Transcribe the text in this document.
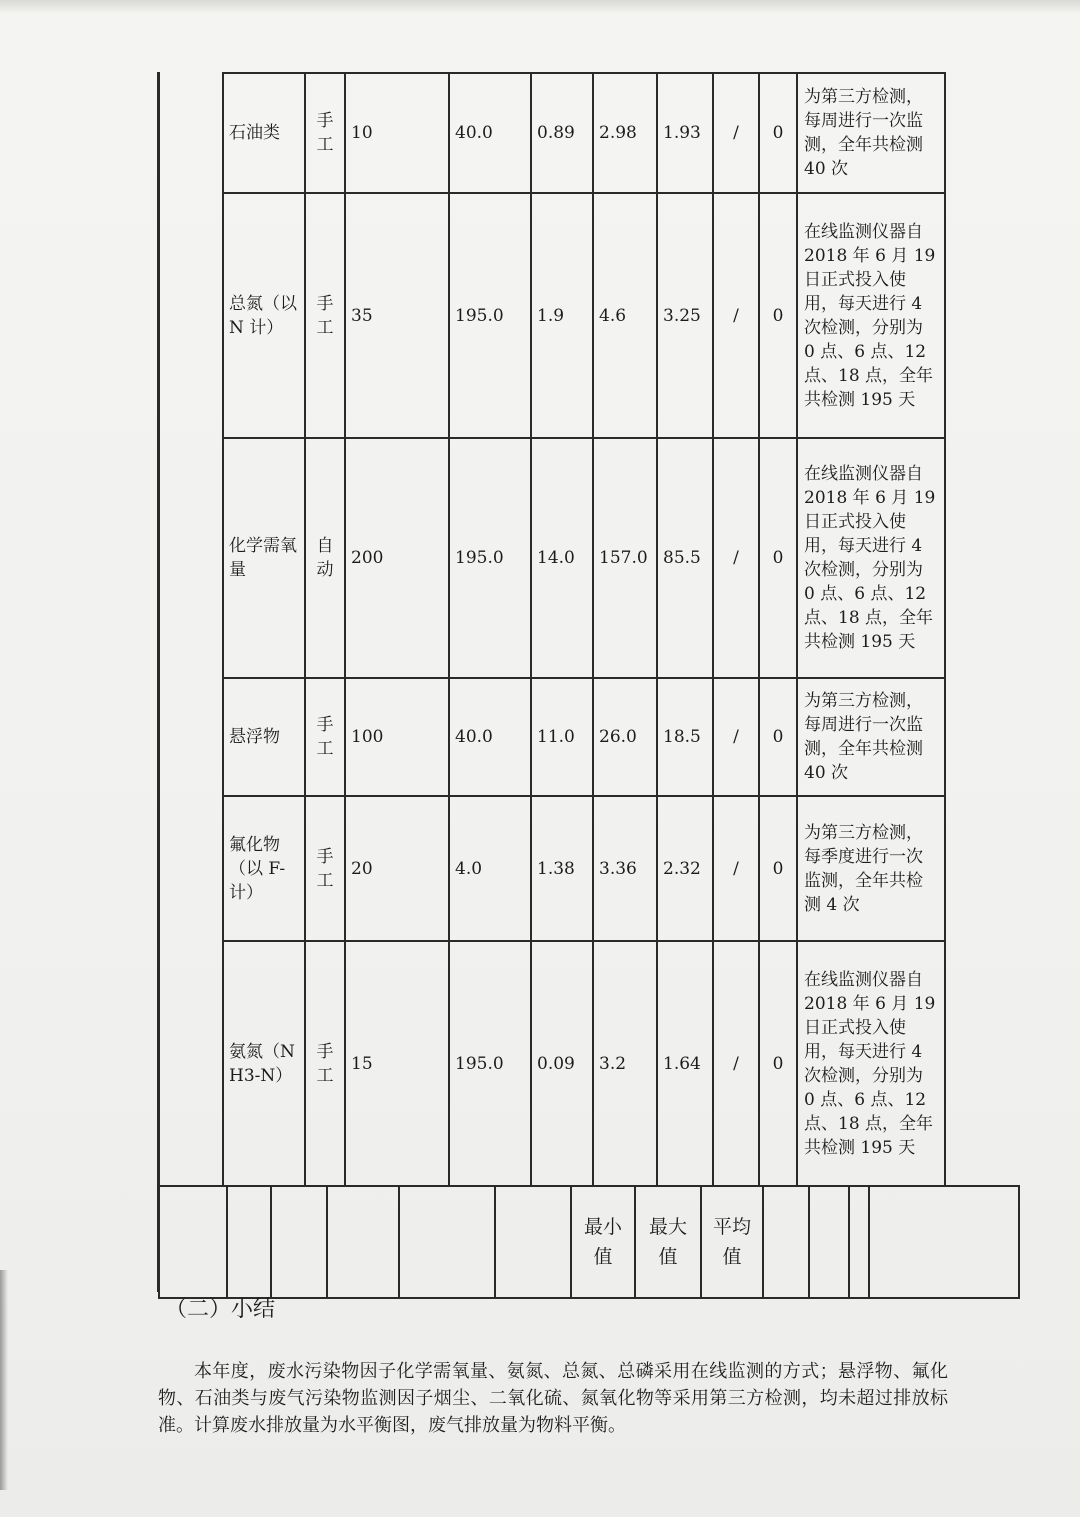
石油类	手工	10	40.0	0.89	2.98	1.93	/	0	为第三方检测，每周进行一次监测，全年共检测 40 次
总氮（以 N 计）	手工	35	195.0	1.9	4.6	3.25	/	0	在线监测仪器自 2018 年 6 月 19 日正式投入使用，每天进行 4 次检测，分别为 0 点、6 点、12 点、18 点，全年共检测 195 天
化学需氧量	自动	200	195.0	14.0	157.0	85.5	/	0	在线监测仪器自 2018 年 6 月 19 日正式投入使用，每天进行 4 次检测，分别为 0 点、6 点、12 点、18 点，全年共检测 195 天
悬浮物	手工	100	40.0	11.0	26.0	18.5	/	0	为第三方检测，每周进行一次监测，全年共检测 40 次
氟化物（以 F- 计）	手工	20	4.0	1.38	3.36	2.32	/	0	为第三方检测，每季度进行一次监测，全年共检测 4 次
氨氮（NH3-N）	手工	15	195.0	0.09	3.2	1.64	/	0	在线监测仪器自 2018 年 6 月 19 日正式投入使用，每天进行 4 次检测，分别为 0 点、6 点、12 点、18 点，全年共检测 195 天
						最小值	最大值	平均值				
（二）小结

本年度，废水污染物因子化学需氧量、氨氮、总氮、总磷采用在线监测的方式；悬浮物、氟化物、石油类与废气污染物监测因子烟尘、二氧化硫、氮氧化物等采用第三方检测，均未超过排放标准。计算废水排放量为水平衡图，废气排放量为物料平衡。
